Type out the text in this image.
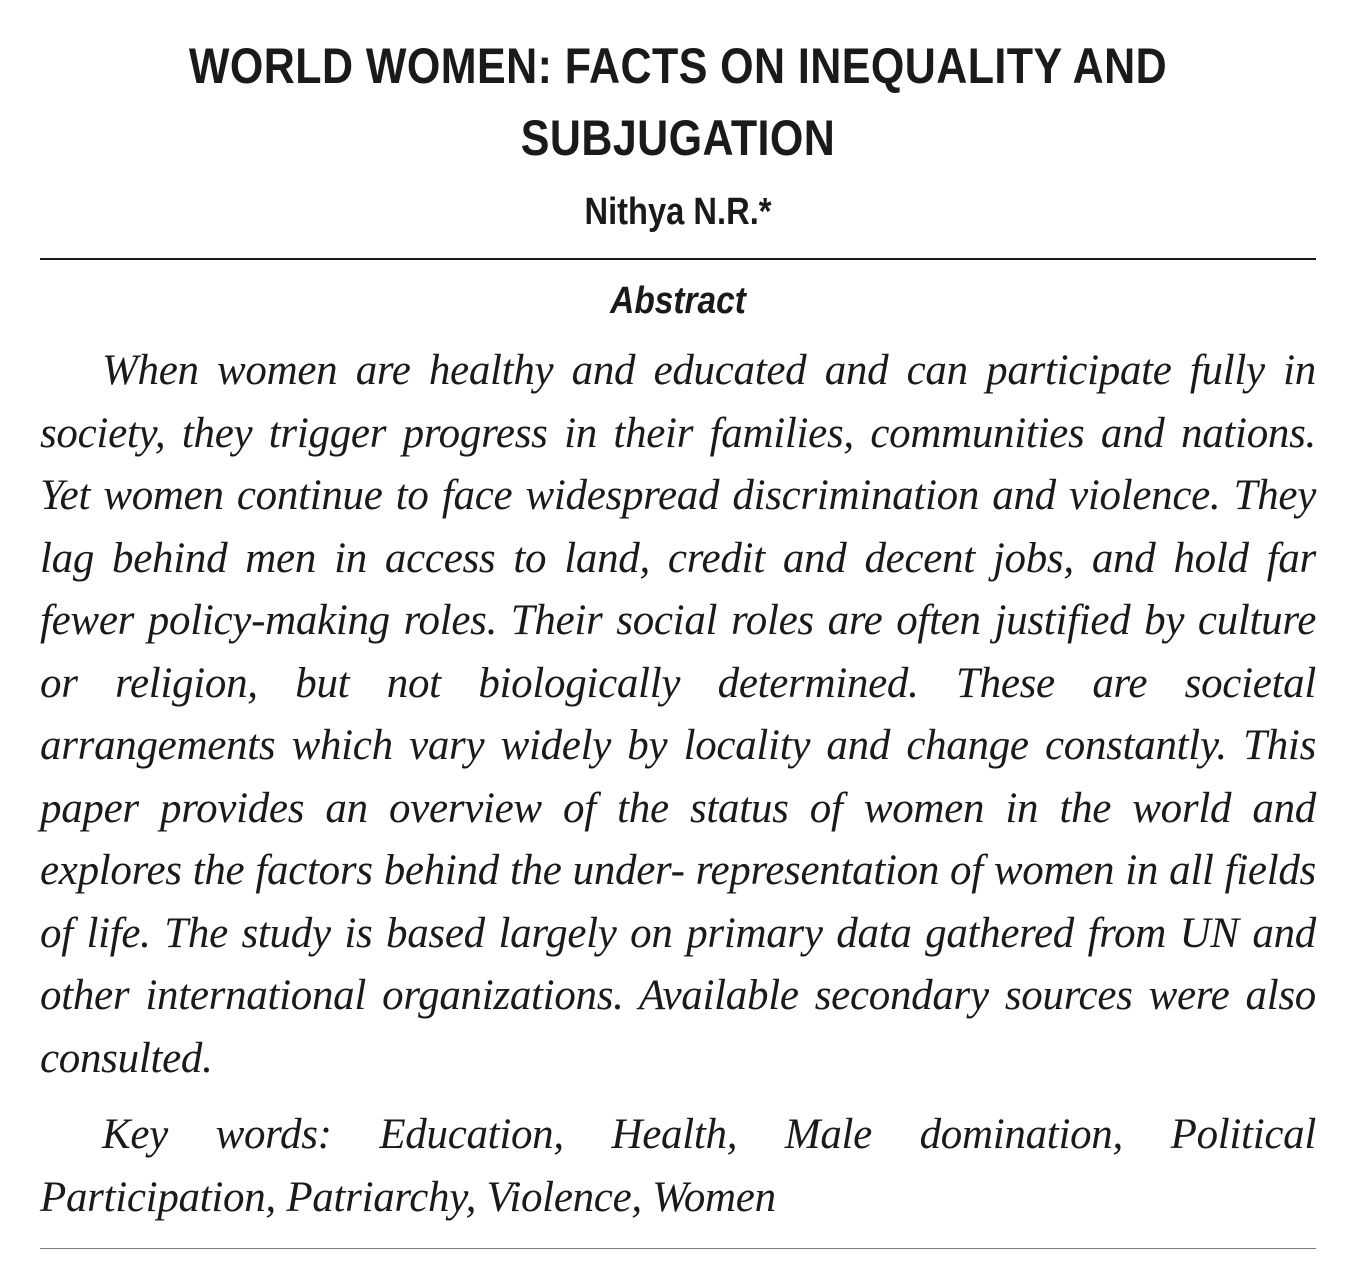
WORLD WOMEN: FACTS ON INEQUALITY AND SUBJUGATION
Nithya N.R.*
Abstract

When women are healthy and educated and can participate fully in society, they trigger progress in their families, communities and nations. Yet women continue to face widespread discrimination and violence. They lag behind men in access to land, credit and decent jobs, and hold far fewer policy-making roles. Their social roles are often justified by culture or religion, but not biologically determined. These are societal arrangements which vary widely by locality and change constantly. This paper provides an overview of the status of women in the world and explores the factors behind the under- representation of women in all fields of life. The study is based largely on primary data gathered from UN and other international organizations. Available secondary sources were also consulted.

Key words: Education, Health, Male domination, Political Participation, Patriarchy, Violence, Women
